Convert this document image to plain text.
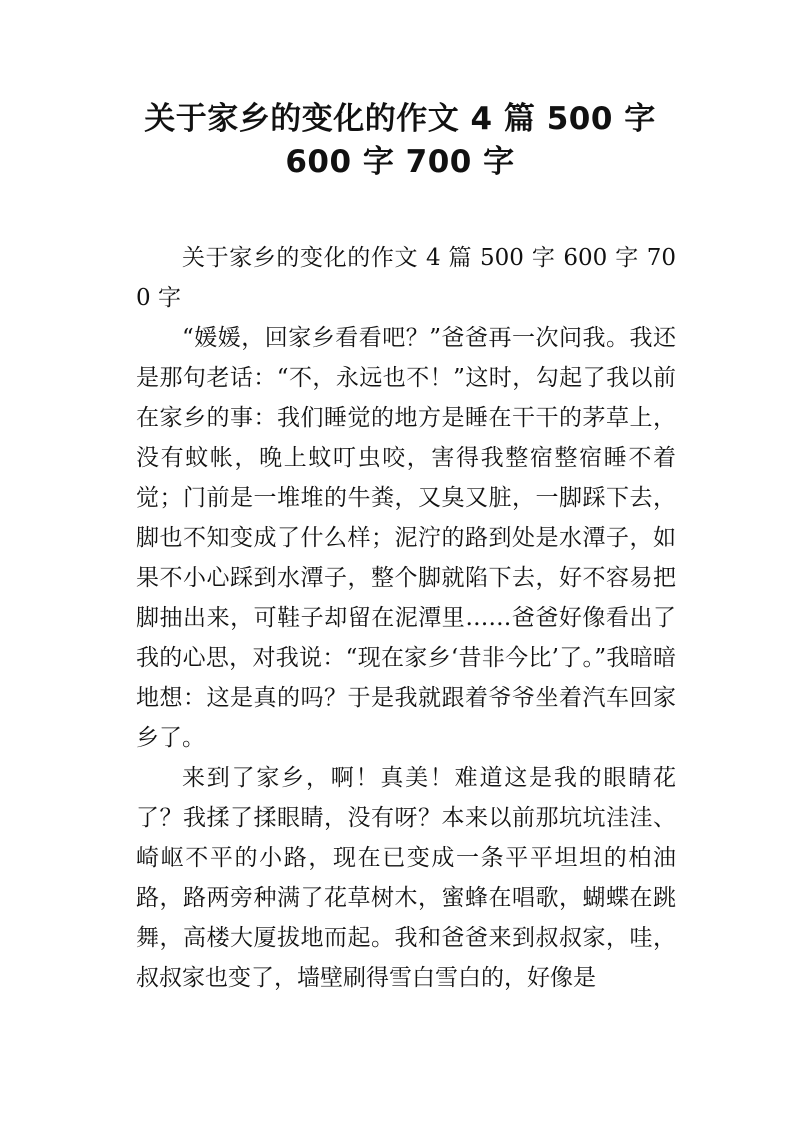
关于家乡的变化的作文 4 篇 500 字
600 字 700 字

关于家乡的变化的作文 4 篇 500 字 600 字 700 字

“媛媛，回家乡看看吧？”爸爸再一次问我。我还是那句老话：“不，永远也不！”这时，勾起了我以前在家乡的事：我们睡觉的地方是睡在干干的茅草上，没有蚊帐，晚上蚊叮虫咬，害得我整宿整宿睡不着觉；门前是一堆堆的牛粪，又臭又脏，一脚踩下去，脚也不知变成了什么样；泥泞的路到处是水潭子，如果不小心踩到水潭子，整个脚就陷下去，好不容易把脚抽出来，可鞋子却留在泥潭里……爸爸好像看出了我的心思，对我说：“现在家乡‘昔非今比’了。”我暗暗地想：这是真的吗？于是我就跟着爷爷坐着汽车回家乡了。

来到了家乡，啊！真美！难道这是我的眼睛花了？我揉了揉眼睛，没有呀？本来以前那坑坑洼洼、崎岖不平的小路，现在已变成一条平平坦坦的柏油路，路两旁种满了花草树木，蜜蜂在唱歌，蝴蝶在跳舞，高楼大厦拔地而起。我和爸爸来到叔叔家，哇，叔叔家也变了，墙壁刷得雪白雪白的，好像是
